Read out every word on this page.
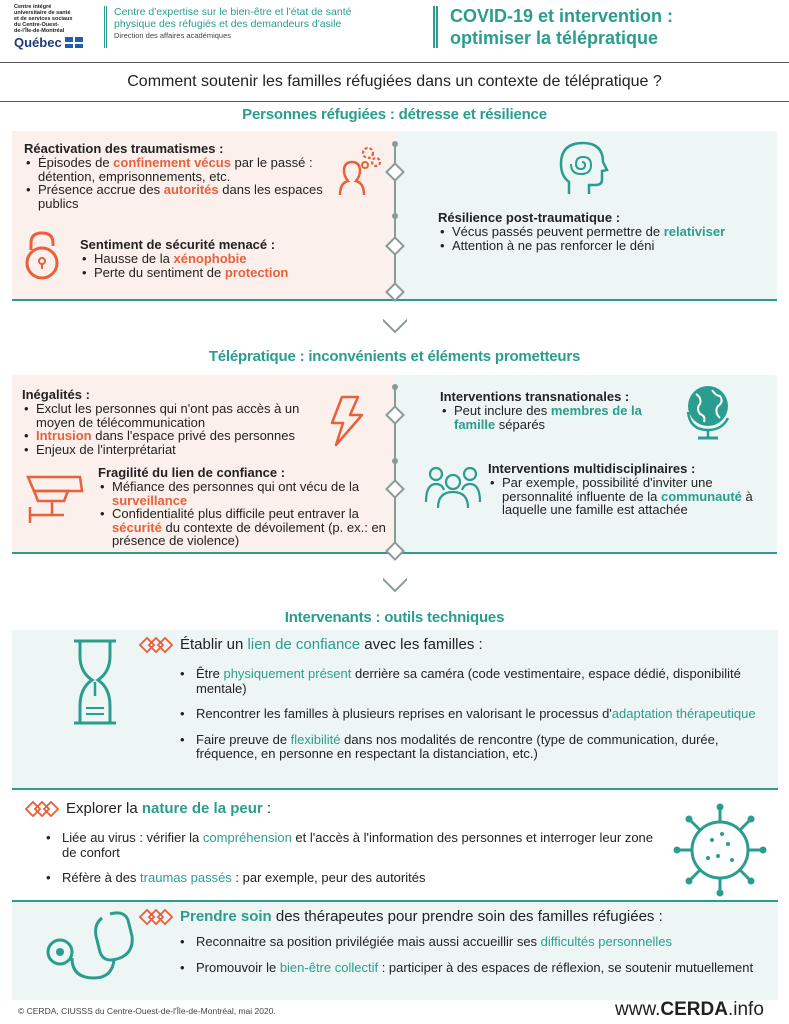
Centre intégré
universitaire de santé
et de services sociaux
du Centre-Ouest-
de-l'Île-de-Montréal
Québec
Centre d'expertise sur le bien-être et l'état de santé
physique des réfugiés et des demandeurs d'asile
Direction des affaires académiques
COVID-19 et intervention :
optimiser la télépratique
Comment soutenir les familles réfugiées dans un contexte de télépratique ?
Personnes réfugiées : détresse et résilience
Réactivation des traumatismes :
• Épisodes de confinement vécus par le passé : détention, emprisonnements, etc.
• Présence accrue des autorités dans les espaces publics
Sentiment de sécurité menacé :
• Hausse de la xénophobie
• Perte du sentiment de protection
Résilience post-traumatique :
• Vécus passés peuvent permettre de relativiser
• Attention à ne pas renforcer le déni
Télépratique : inconvénients et éléments prometteurs
Inégalités :
• Exclut les personnes qui n'ont pas accès à un moyen de télécommunication
• Intrusion dans l'espace privé des personnes
• Enjeux de l'interprétariat
Fragilité du lien de confiance :
• Méfiance des personnes qui ont vécu de la surveillance
• Confidentialité plus difficile peut entraver la sécurité du contexte de dévoilement (p. ex.: en présence de violence)
Interventions transnationales :
• Peut inclure des membres de la famille séparés
Interventions multidisciplinaires :
• Par exemple, possibilité d'inviter une personnalité influente de la communauté à laquelle une famille est attachée
Intervenants : outils techniques
Établir un lien de confiance avec les familles :
• Être physiquement présent derrière sa caméra (code vestimentaire, espace dédié, disponibilité mentale)
• Rencontrer les familles à plusieurs reprises en valorisant le processus d'adaptation thérapeutique
• Faire preuve de flexibilité dans nos modalités de rencontre (type de communication, durée, fréquence, en personne en respectant la distanciation, etc.)
Explorer la nature de la peur :
• Liée au virus : vérifier la compréhension et l'accès à l'information des personnes et interroger leur zone de confort
• Réfère à des traumas passés : par exemple, peur des autorités
Prendre soin des thérapeutes pour prendre soin des familles réfugiées :
• Reconnaitre sa position privilégiée mais aussi accueillir ses difficultés personnelles
• Promouvoir le bien-être collectif : participer à des espaces de réflexion, se soutenir mutuellement
© CERDA, CIUSSS du Centre-Ouest-de-l'Île-de-Montréal, mai 2020.	www.CERDA.info
